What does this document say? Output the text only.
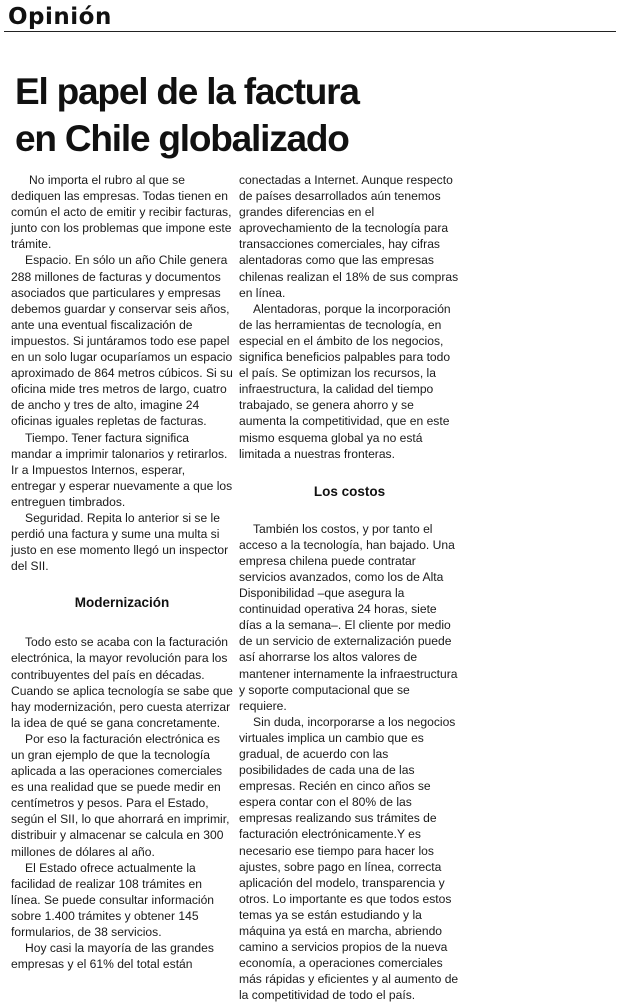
Opinión
El papel de la factura
en Chile globalizado

No importa el rubro al que se dediquen las empresas. Todas tienen en común el acto de emitir y recibir facturas, junto con los problemas que impone este trámite.

Espacio. En sólo un año Chile genera 288 millones de facturas y documentos asociados que particulares y empresas debemos guardar y conservar seis años, ante una eventual fiscalización de impuestos. Si juntáramos todo ese papel en un solo lugar ocuparíamos un espacio aproximado de 864 metros cúbicos. Si su oficina mide tres metros de largo, cuatro de ancho y tres de alto, imagine 24 oficinas iguales repletas de facturas.

Tiempo. Tener factura significa mandar a imprimir talonarios y retirarlos. Ir a Impuestos Internos, esperar, entregar y esperar nuevamente a que los entreguen timbrados.

Seguridad. Repita lo anterior si se le perdió una factura y sume una multa si justo en ese momento llegó un inspector del SII.

Modernización

Todo esto se acaba con la facturación electrónica, la mayor revolución para los contribuyentes del país en décadas. Cuando se aplica tecnología se sabe que hay modernización, pero cuesta aterrizar la idea de qué se gana concretamente.

Por eso la facturación electrónica es un gran ejemplo de que la tecnología aplicada a las operaciones comerciales es una realidad que se puede medir en centímetros y pesos. Para el Estado, según el SII, lo que ahorrará en imprimir, distribuir y almacenar se calcula en 300 millones de dólares al año.

El Estado ofrece actualmente la facilidad de realizar 108 trámites en línea. Se puede consultar información sobre 1.400 trámites y obtener 145 formularios, de 38 servicios.

Hoy casi la mayoría de las grandes empresas y el 61% del total están

conectadas a Internet. Aunque respecto de países desarrollados aún tenemos grandes diferencias en el aprovechamiento de la tecnología para transacciones comerciales, hay cifras alentadoras como que las empresas chilenas realizan el 18% de sus compras en línea.

Alentadoras, porque la incorporación de las herramientas de tecnología, en especial en el ámbito de los negocios, significa beneficios palpables para todo el país. Se optimizan los recursos, la infraestructura, la calidad del tiempo trabajado, se genera ahorro y se aumenta la competitividad, que en este mismo esquema global ya no está limitada a nuestras fronteras.

Los costos

También los costos, y por tanto el acceso a la tecnología, han bajado. Una empresa chilena puede contratar servicios avanzados, como los de Alta Disponibilidad –que asegura la continuidad operativa 24 horas, siete días a la semana–. El cliente por medio de un servicio de externalización puede así ahorrarse los altos valores de mantener internamente la infraestructura y soporte computacional que se requiere.

Sin duda, incorporarse a los negocios virtuales implica un cambio que es gradual, de acuerdo con las posibilidades de cada una de las empresas. Recién en cinco años se espera contar con el 80% de las empresas realizando sus trámites de facturación electrónicamente.Y es necesario ese tiempo para hacer los ajustes, sobre pago en línea, correcta aplicación del modelo, transparencia y otros. Lo importante es que todos estos temas ya se están estudiando y la máquina ya está en marcha, abriendo camino a servicios propios de la nueva economía, a operaciones comerciales más rápidas y eficientes y al aumento de la competitividad de todo el país.
